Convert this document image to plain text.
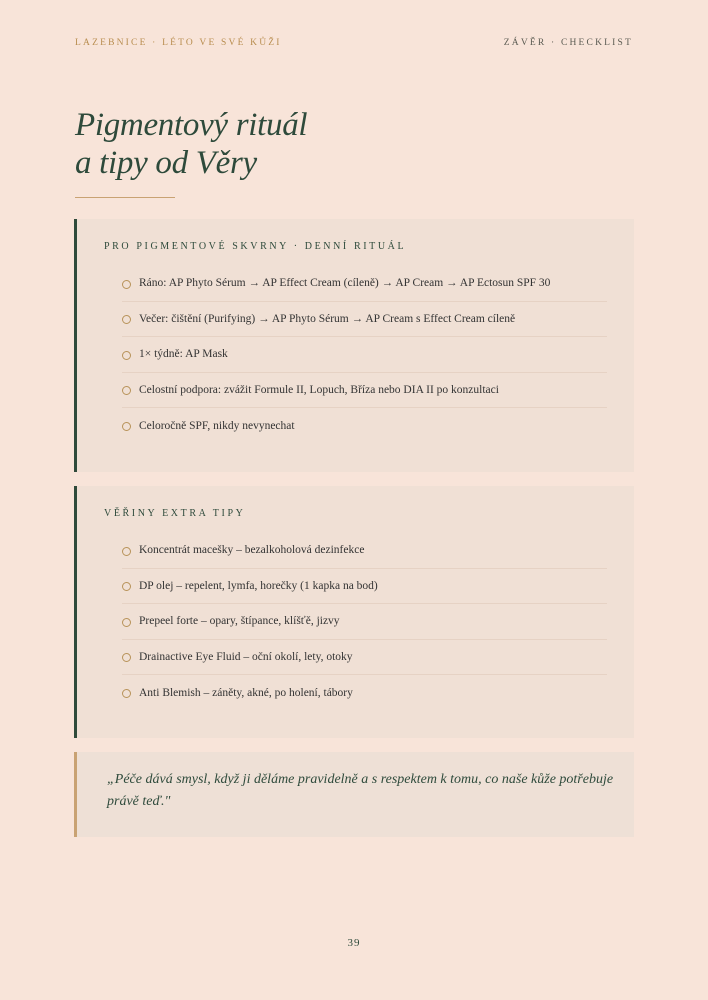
LAZEBNICE · LÉTO VE SVÉ KŮŽI	ZÁVĚR · CHECKLIST
Pigmentový rituál
a tipy od Věry
PRO PIGMENTOVÉ SKVRNY · DENNÍ RITUÁL
Ráno: AP Phyto Sérum → AP Effect Cream (cíleně) → AP Cream → AP Ectosun SPF 30
Večer: čištění (Purifying) → AP Phyto Sérum → AP Cream s Effect Cream cíleně
1× týdně: AP Mask
Celostní podpora: zvážit Formule II, Lopuch, Bříza nebo DIA II po konzultaci
Celoročně SPF, nikdy nevynechat
VĚŘINY EXTRA TIPY
Koncentrát macešky – bezalkoholová dezinfekce
DP olej – repelent, lymfa, horečky (1 kapka na bod)
Prepeel forte – opary, štípance, klíšťě, jizvy
Drainactive Eye Fluid – oční okolí, lety, otoky
Anti Blemish – záněty, akné, po holení, tábory

„Péče dává smysl, když ji děláme pravidelně a s respektem k tomu, co naše kůže potřebuje právě teď."

39
